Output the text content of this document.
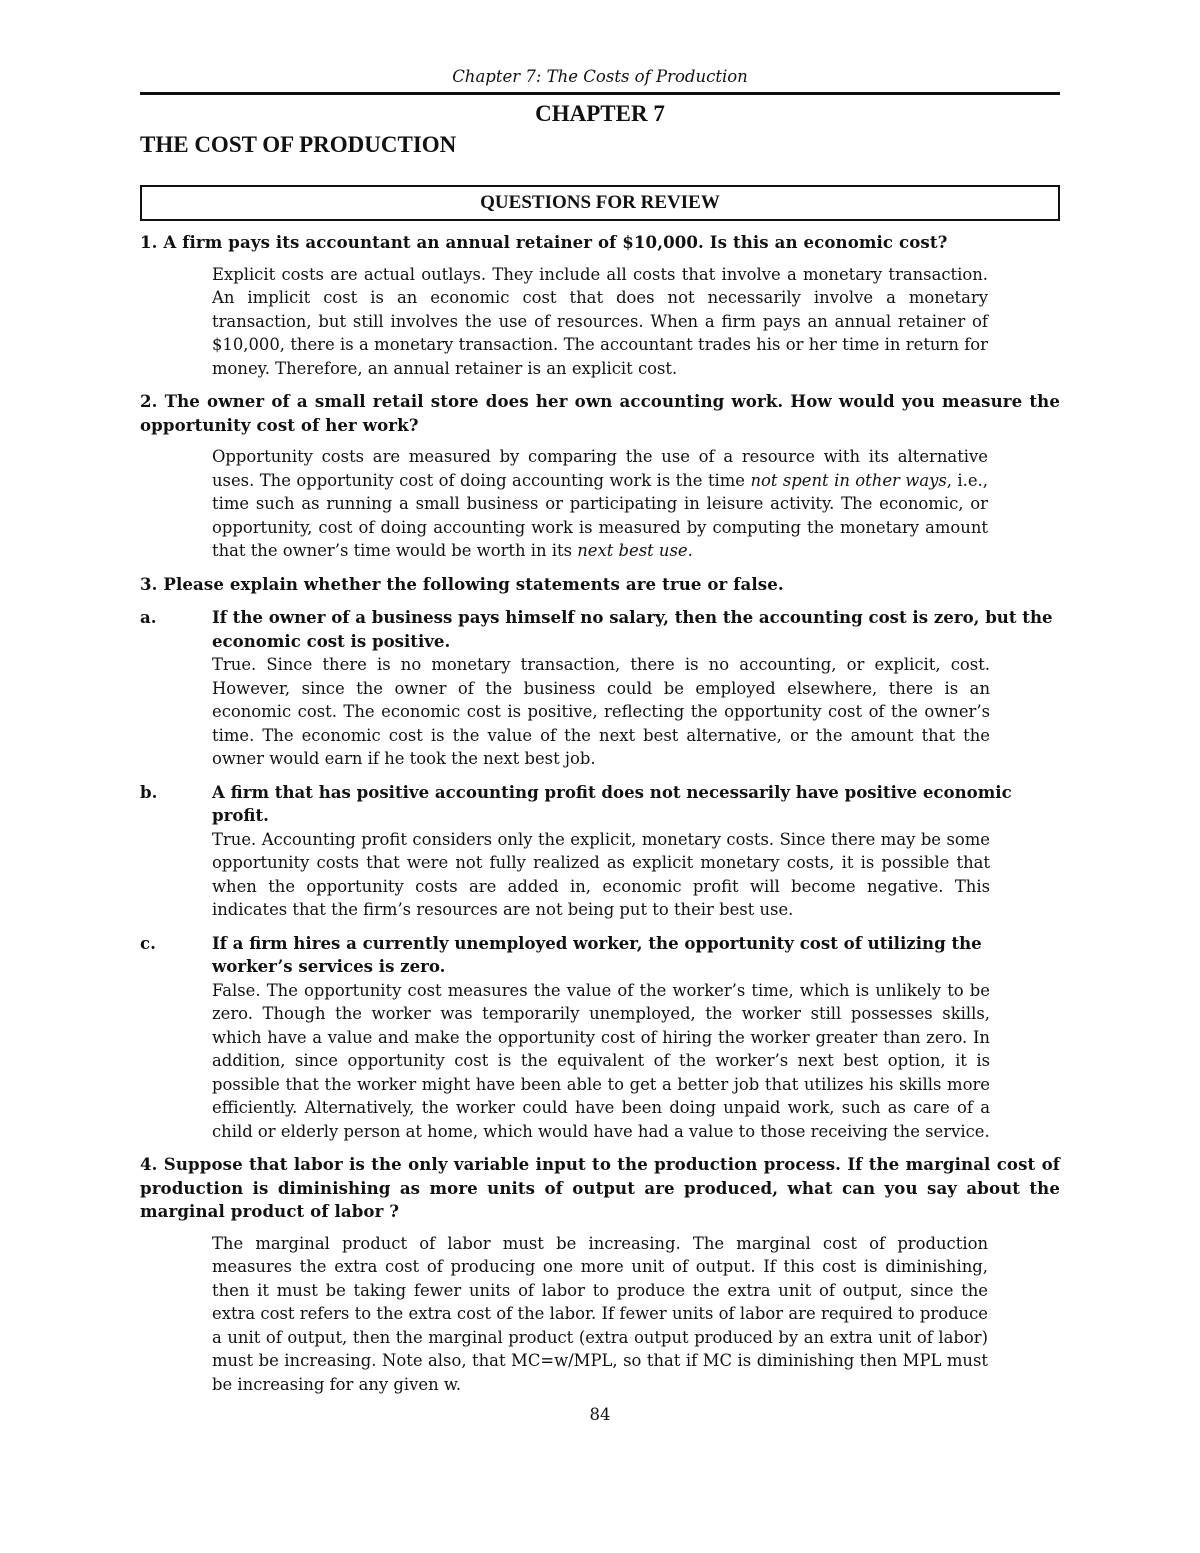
Chapter 7: The Costs of Production

CHAPTER 7
THE COST OF PRODUCTION
QUESTIONS FOR REVIEW
1. A firm pays its accountant an annual retainer of $10,000. Is this an economic cost?
Explicit costs are actual outlays. They include all costs that involve a monetary transaction. An implicit cost is an economic cost that does not necessarily involve a monetary transaction, but still involves the use of resources. When a firm pays an annual retainer of $10,000, there is a monetary transaction. The accountant trades his or her time in return for money. Therefore, an annual retainer is an explicit cost.
2. The owner of a small retail store does her own accounting work. How would you measure the opportunity cost of her work?
Opportunity costs are measured by comparing the use of a resource with its alternative uses. The opportunity cost of doing accounting work is the time not spent in other ways, i.e., time such as running a small business or participating in leisure activity. The economic, or opportunity, cost of doing accounting work is measured by computing the monetary amount that the owner’s time would be worth in its next best use.
3. Please explain whether the following statements are true or false.
a.	If the owner of a business pays himself no salary, then the accounting cost is zero, but the economic cost is positive.
True. Since there is no monetary transaction, there is no accounting, or explicit, cost. However, since the owner of the business could be employed elsewhere, there is an economic cost. The economic cost is positive, reflecting the opportunity cost of the owner’s time. The economic cost is the value of the next best alternative, or the amount that the owner would earn if he took the next best job.
b.	A firm that has positive accounting profit does not necessarily have positive economic profit.
True. Accounting profit considers only the explicit, monetary costs. Since there may be some opportunity costs that were not fully realized as explicit monetary costs, it is possible that when the opportunity costs are added in, economic profit will become negative. This indicates that the firm’s resources are not being put to their best use.
c.	If a firm hires a currently unemployed worker, the opportunity cost of utilizing the worker’s services is zero.
False. The opportunity cost measures the value of the worker’s time, which is unlikely to be zero. Though the worker was temporarily unemployed, the worker still possesses skills, which have a value and make the opportunity cost of hiring the worker greater than zero. In addition, since opportunity cost is the equivalent of the worker’s next best option, it is possible that the worker might have been able to get a better job that utilizes his skills more efficiently. Alternatively, the worker could have been doing unpaid work, such as care of a child or elderly person at home, which would have had a value to those receiving the service.
4. Suppose that labor is the only variable input to the production process. If the marginal cost of production is diminishing as more units of output are produced, what can you say about the marginal product of labor ?
The marginal product of labor must be increasing. The marginal cost of production measures the extra cost of producing one more unit of output. If this cost is diminishing, then it must be taking fewer units of labor to produce the extra unit of output, since the extra cost refers to the extra cost of the labor. If fewer units of labor are required to produce a unit of output, then the marginal product (extra output produced by an extra unit of labor) must be increasing. Note also, that MC=w/MPL, so that if MC is diminishing then MPL must be increasing for any given w.
84
